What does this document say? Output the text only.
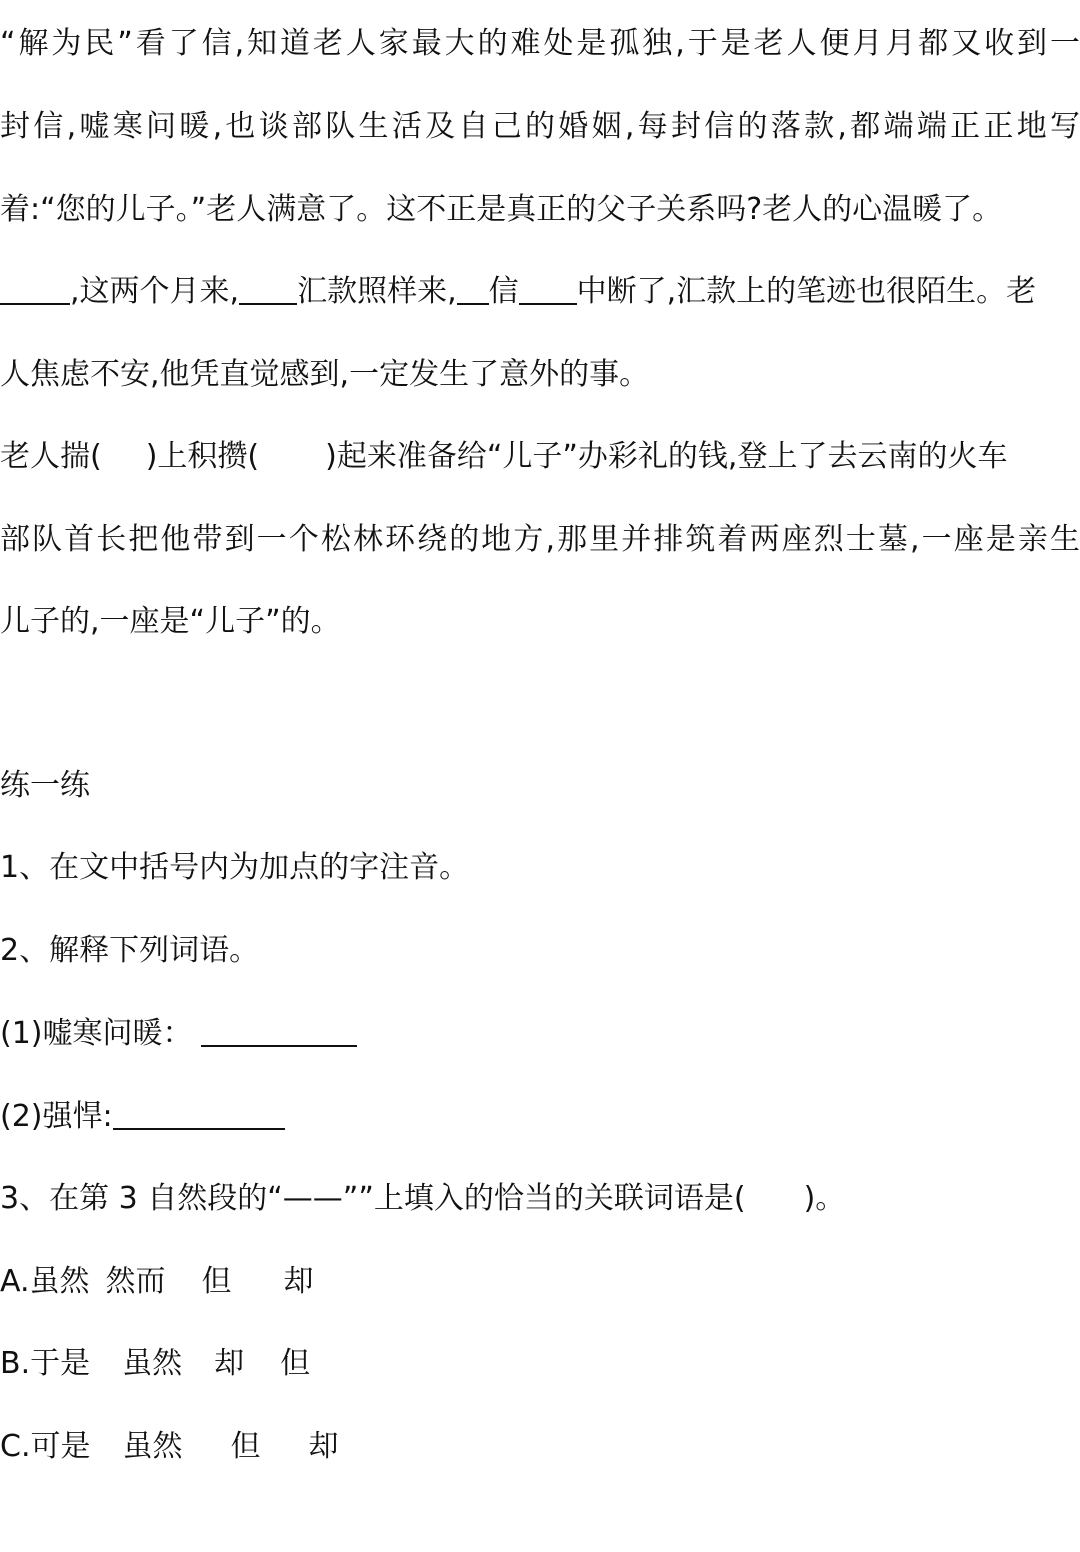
“解为民”看了信,知道老人家最大的难处是孤独,于是老人便月月都又收到一
封信,嘘寒问暖,也谈部队生活及自己的婚姻,每封信的落款,都端端正正地写
着:“您的儿子。”老人满意了。这不正是真正的父子关系吗?老人的心温暖了。
,这两个月来, 汇款照样来, 信 中断了,汇款上的笔迹也很陌生。老
人焦虑不安,他凭直觉感到,一定发生了意外的事。
老人揣( )上积攒( )起来准备给“儿子”办彩礼的钱,登上了去云南的火车
部队首长把他带到一个松林环绕的地方,那里并排筑着两座烈士墓,一座是亲生
儿子的,一座是“儿子”的。
练一练
1、在文中括号内为加点的字注音。
2、解释下列词语。
(1)嘘寒问暖：
(2)强悍:
3、在第 3 自然段的“——””上填入的恰当的关联词语是( )。
A.虽然 然而 但 却
B.于是 虽然 却 但
C.可是 虽然 但 却
